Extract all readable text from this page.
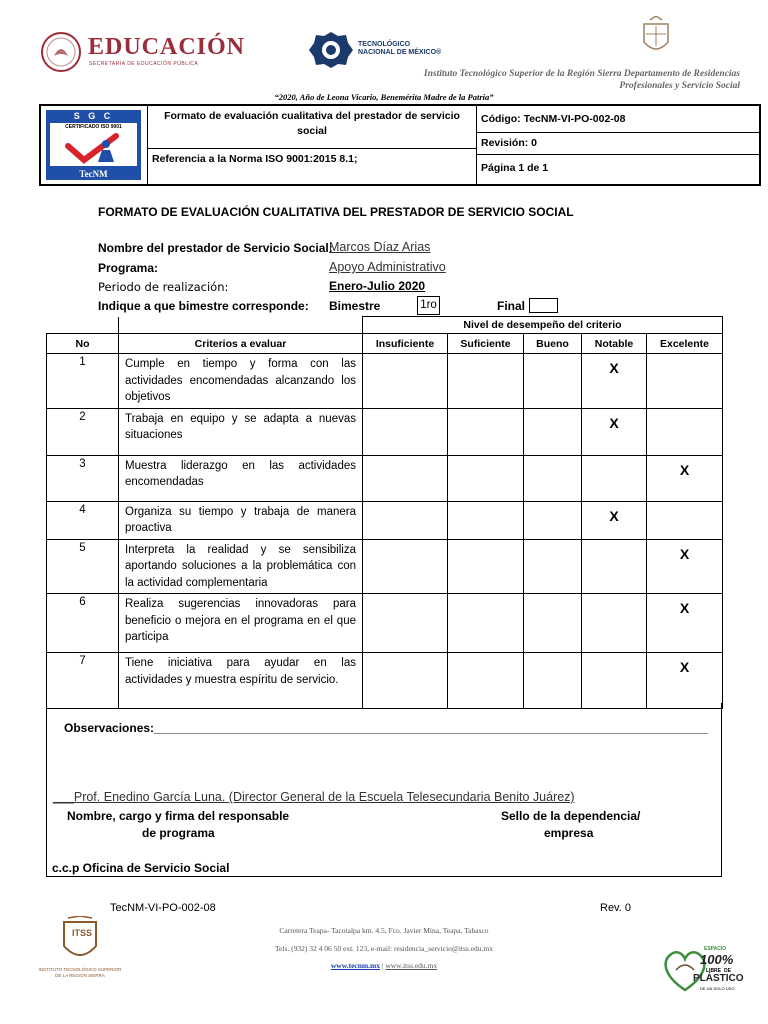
EDUCACIÓN
SECRETARÍA DE EDUCACIÓN PÚBLICA
TECNOLÓGICO
NACIONAL DE MÉXICO®
Instituto Tecnológico Superior de la Región Sierra Departamento de Residencias
Profesionales y Servicio Social
“2020, Año de Leona Vicario, Benemérita Madre de la Patria”
S G C
CERTIFICADO ISO 9001
TecNM
Formato de evaluación cualitativa del prestador de servicio social
Referencia a la Norma ISO 9001:2015 8.1;
Código: TecNM-VI-PO-002-08
Revisión: 0
Página 1 de 1
FORMATO DE EVALUACIÓN CUALITATIVA DEL PRESTADOR DE SERVICIO SOCIAL
Nombre del prestador de Servicio Social:
Marcos Díaz Arias
Programa:	Apoyo Administrativo
Periodo de realización:	Enero-Julio 2020
Indique a que bimestre corresponde: Bimestre	1ro	Final
		Nivel de desempeño del criterio				
No	Criterios a evaluar	Insuficiente	Suficiente	Bueno	Notable	Excelente
1	Cumple en tiempo y forma con las actividades encomendadas alcanzando los objetivos				X	
2	Trabaja en equipo y se adapta a nuevas situaciones				X	
3	Muestra liderazgo en las actividades encomendadas					X
4	Organiza su tiempo y trabaja de manera proactiva				X	
5	Interpreta la realidad y se sensibiliza aportando soluciones a la problemática con la actividad complementaria					X
6	Realiza sugerencias innovadoras para beneficio o mejora en el programa en el que participa					X
7	Tiene iniciativa para ayudar en las actividades y muestra espíritu de servicio.					X
Observaciones:___________________________________________________________________________________
___Prof. Enedino García Luna. (Director General de la Escuela Telesecundaria Benito Juárez)
Nombre, cargo y firma del responsable
de programa
Sello de la dependencia/
empresa
c.c.p Oficina de Servicio Social
TecNM-VI-PO-002-08	Rev. 0
ITSS
INSTITUTO TECNOLÓGICO SUPERIOR
DE LA REGIÓN SIERRA
Carretera Teapa- Tacotalpa km. 4.5, Fco. Javier Mina, Teapa, Tabasco
Tels. (932) 32 4 06 50 ext. 123, e-mail: residencia_servicio@itss.edu.mx
www.tecnm.mx | www.itss.edu.mx
ESPACIO
100%
LIBRE DE
PLÁSTICO
DE UN SOLO USO
